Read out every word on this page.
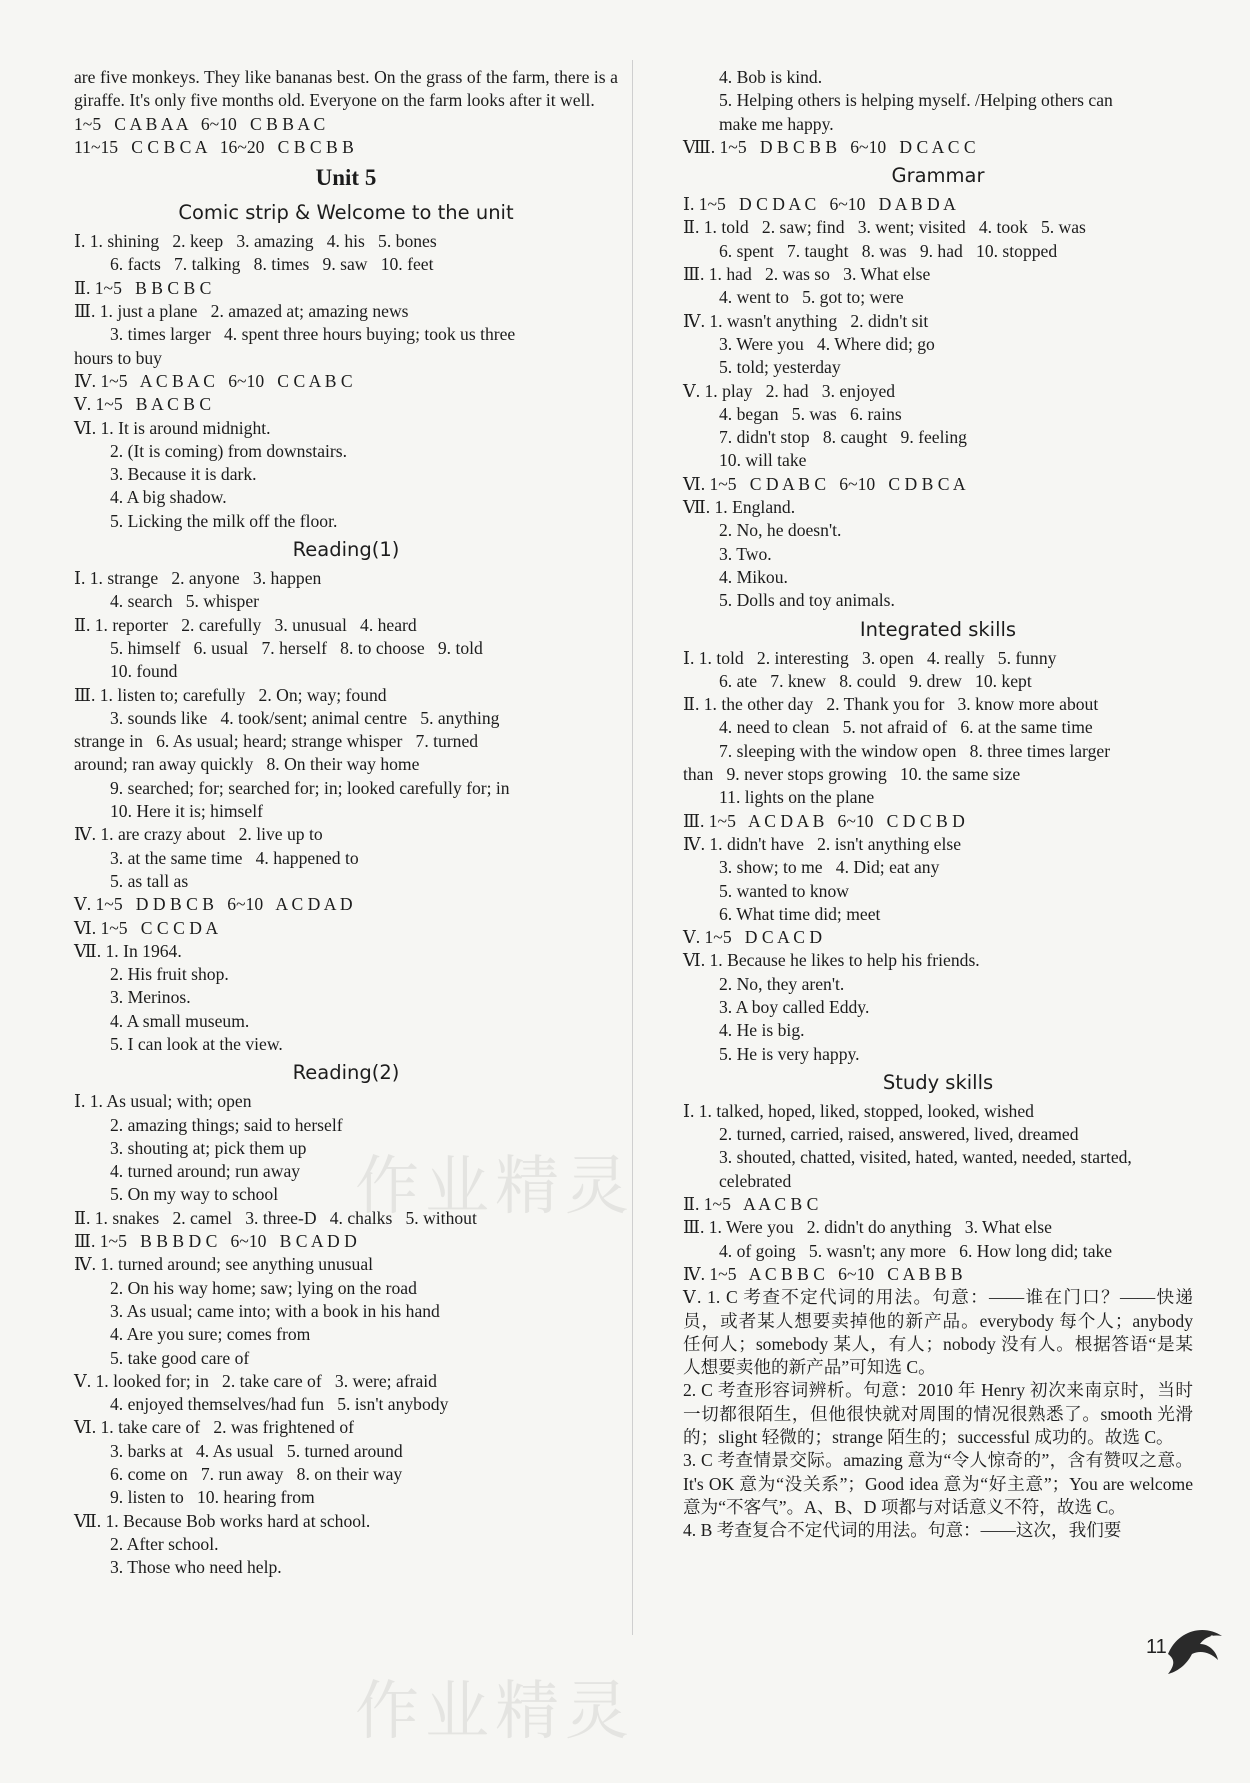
are five monkeys. They like bananas best. On the grass of the farm, there is a giraffe. It's only five months old. Everyone on the farm looks after it well.
1~5   C A B A A   6~10   C B B A C
11~15   C C B C A   16~20   C B C B B
Unit 5
Comic strip & Welcome to the unit
Ⅰ. 1. shining   2. keep   3. amazing   4. his   5. bones
6. facts   7. talking   8. times   9. saw   10. feet
Ⅱ. 1~5   B B C B C
Ⅲ. 1. just a plane   2. amazed at; amazing news
3. times larger   4. spent three hours buying; took us three
hours to buy
Ⅳ. 1~5   A C B A C   6~10   C C A B C
Ⅴ. 1~5   B A C B C
Ⅵ. 1. It is around midnight.
2. (It is coming) from downstairs.
3. Because it is dark.
4. A big shadow.
5. Licking the milk off the floor.
Reading(1)
Ⅰ. 1. strange   2. anyone   3. happen
4. search   5. whisper
Ⅱ. 1. reporter   2. carefully   3. unusual   4. heard
5. himself   6. usual   7. herself   8. to choose   9. told
10. found
Ⅲ. 1. listen to; carefully   2. On; way; found
3. sounds like   4. took/sent; animal centre   5. anything
strange in   6. As usual; heard; strange whisper   7. turned
around; ran away quickly   8. On their way home
9. searched; for; searched for; in; looked carefully for; in
10. Here it is; himself
Ⅳ. 1. are crazy about   2. live up to
3. at the same time   4. happened to
5. as tall as
Ⅴ. 1~5   D D B C B   6~10   A C D A D
Ⅵ. 1~5   C C C D A
Ⅶ. 1. In 1964.
2. His fruit shop.
3. Merinos.
4. A small museum.
5. I can look at the view.
Reading(2)
Ⅰ. 1. As usual; with; open
2. amazing things; said to herself
3. shouting at; pick them up
4. turned around; run away
5. On my way to school
Ⅱ. 1. snakes   2. camel   3. three-D   4. chalks   5. without
Ⅲ. 1~5   B B B D C   6~10   B C A D D
Ⅳ. 1. turned around; see anything unusual
2. On his way home; saw; lying on the road
3. As usual; came into; with a book in his hand
4. Are you sure; comes from
5. take good care of
Ⅴ. 1. looked for; in   2. take care of   3. were; afraid
4. enjoyed themselves/had fun   5. isn't anybody
Ⅵ. 1. take care of   2. was frightened of
3. barks at   4. As usual   5. turned around
6. come on   7. run away   8. on their way
9. listen to   10. hearing from
Ⅶ. 1. Because Bob works hard at school.
2. After school.
3. Those who need help.
4. Bob is kind.
5. Helping others is helping myself. /Helping others can
make me happy.
Ⅷ. 1~5   D B C B B   6~10   D C A C C
Grammar
Ⅰ. 1~5   D C D A C   6~10   D A B D A
Ⅱ. 1. told   2. saw; find   3. went; visited   4. took   5. was
6. spent   7. taught   8. was   9. had   10. stopped
Ⅲ. 1. had   2. was so   3. What else
4. went to   5. got to; were
Ⅳ. 1. wasn't anything   2. didn't sit
3. Were you   4. Where did; go
5. told; yesterday
Ⅴ. 1. play   2. had   3. enjoyed
4. began   5. was   6. rains
7. didn't stop   8. caught   9. feeling
10. will take
Ⅵ. 1~5   C D A B C   6~10   C D B C A
Ⅶ. 1. England.
2. No, he doesn't.
3. Two.
4. Mikou.
5. Dolls and toy animals.
Integrated skills
Ⅰ. 1. told   2. interesting   3. open   4. really   5. funny
6. ate   7. knew   8. could   9. drew   10. kept
Ⅱ. 1. the other day   2. Thank you for   3. know more about
4. need to clean   5. not afraid of   6. at the same time
7. sleeping with the window open   8. three times larger
than   9. never stops growing   10. the same size
11. lights on the plane
Ⅲ. 1~5   A C D A B   6~10   C D C B D
Ⅳ. 1. didn't have   2. isn't anything else
3. show; to me   4. Did; eat any
5. wanted to know
6. What time did; meet
Ⅴ. 1~5   D C A C D
Ⅵ. 1. Because he likes to help his friends.
2. No, they aren't.
3. A boy called Eddy.
4. He is big.
5. He is very happy.
Study skills
Ⅰ. 1. talked, hoped, liked, stopped, looked, wished
2. turned, carried, raised, answered, lived, dreamed
3. shouted, chatted, visited, hated, wanted, needed, started,
celebrated
Ⅱ. 1~5   A A C B C
Ⅲ. 1. Were you   2. didn't do anything   3. What else
4. of going   5. wasn't; any more   6. How long did; take
Ⅳ. 1~5   A C B B C   6~10   C A B B B
Ⅴ. 1. C 考查不定代词的用法。句意：——谁在门口？——快递员，或者某人想要卖掉他的新产品。everybody 每个人；anybody 任何人；somebody 某人，有人；nobody 没有人。根据答语“是某人想要卖他的新产品”可知选 C。
2. C 考查形容词辨析。句意：2010 年 Henry 初次来南京时，当时一切都很陌生，但他很快就对周围的情况很熟悉了。smooth 光滑的；slight 轻微的；strange 陌生的；successful 成功的。故选 C。
3. C 考查情景交际。amazing 意为“令人惊奇的”，含有赞叹之意。It's OK 意为“没关系”；Good idea 意为“好主意”；You are welcome 意为“不客气”。A、B、D 项都与对话意义不符，故选 C。
4. B 考查复合不定代词的用法。句意：——这次，我们要
作业精灵
作业精灵
11
